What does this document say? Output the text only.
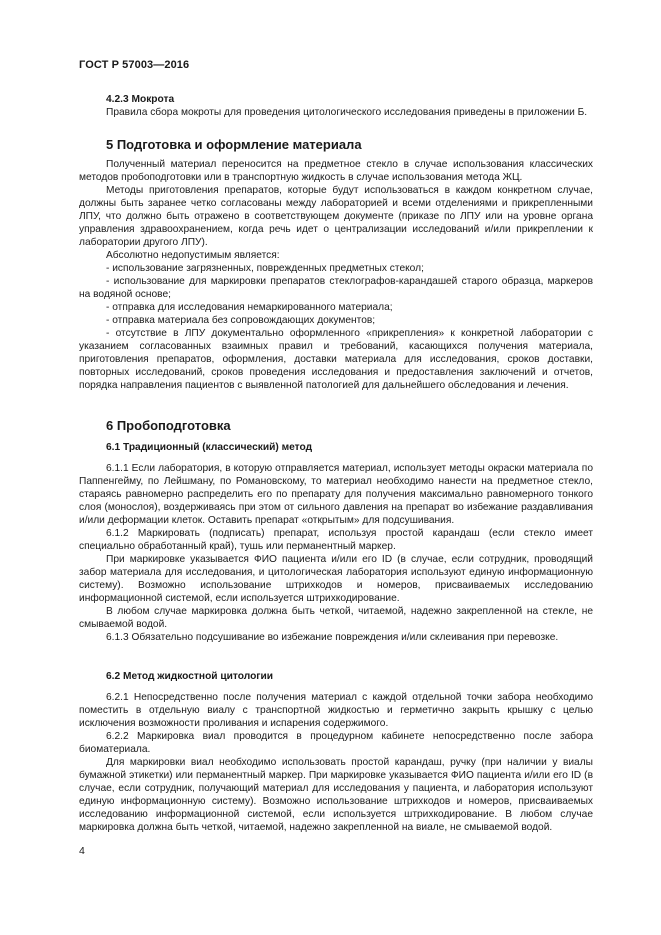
ГОСТ Р 57003—2016

4.2.3 Мокрота

Правила сбора мокроты для проведения цитологического исследования приведены в приложении Б.

5 Подготовка и оформление материала

Полученный материал переносится на предметное стекло в случае использования классических методов пробоподготовки или в транспортную жидкость в случае использования метода ЖЦ.

Методы приготовления препаратов, которые будут использоваться в каждом конкретном случае, должны быть заранее четко согласованы между лабораторией и всеми отделениями и прикрепленными ЛПУ, что должно быть отражено в соответствующем документе (приказе по ЛПУ или на уровне органа управления здравоохранением, когда речь идет о централизации исследований и/или прикреплении к лаборатории другого ЛПУ).

Абсолютно недопустимым является:

- использование загрязненных, поврежденных предметных стекол;

- использование для маркировки препаратов стеклографов-карандашей старого образца, маркеров на водяной основе;

- отправка для исследования немаркированного материала;

- отправка материала без сопровождающих документов;

- отсутствие в ЛПУ документально оформленного «прикрепления» к конкретной лаборатории с указанием согласованных взаимных правил и требований, касающихся получения материала, приготовления препаратов, оформления, доставки материала для исследования, сроков доставки, повторных исследований, сроков проведения исследования и предоставления заключений и отчетов, порядка направления пациентов с выявленной патологией для дальнейшего обследования и лечения.

6 Пробоподготовка

6.1 Традиционный (классический) метод

6.1.1 Если лаборатория, в которую отправляется материал, использует методы окраски материала по Паппенгейму, по Лейшману, по Романовскому, то материал необходимо нанести на предметное стекло, стараясь равномерно распределить его по препарату для получения максимально равномерного тонкого слоя (монослоя), воздерживаясь при этом от сильного давления на препарат во избежание раздавливания и/или деформации клеток. Оставить препарат «открытым» для подсушивания.

6.1.2 Маркировать (подписать) препарат, используя простой карандаш (если стекло имеет специально обработанный край), тушь или перманентный маркер.

При маркировке указывается ФИО пациента и/или его ID (в случае, если сотрудник, проводящий забор материала для исследования, и цитологическая лаборатория используют единую информационную систему). Возможно использование штрихкодов и номеров, присваиваемых исследованию информационной системой, если используется штрихкодирование.

В любом случае маркировка должна быть четкой, читаемой, надежно закрепленной на стекле, не смываемой водой.

6.1.3 Обязательно подсушивание во избежание повреждения и/или склеивания при перевозке.

6.2 Метод жидкостной цитологии

6.2.1 Непосредственно после получения материал с каждой отдельной точки забора необходимо поместить в отдельную виалу с транспортной жидкостью и герметично закрыть крышку с целью исключения возможности проливания и испарения содержимого.

6.2.2 Маркировка виал проводится в процедурном кабинете непосредственно после забора биоматериала.

Для маркировки виал необходимо использовать простой карандаш, ручку (при наличии у виалы бумажной этикетки) или перманентный маркер. При маркировке указывается ФИО пациента и/или его ID (в случае, если сотрудник, получающий материал для исследования у пациента, и лаборатория используют единую информационную систему). Возможно использование штрихкодов и номеров, присваиваемых исследованию информационной системой, если используется штрихкодирование. В любом случае маркировка должна быть четкой, читаемой, надежно закрепленной на виале, не смываемой водой.

4
